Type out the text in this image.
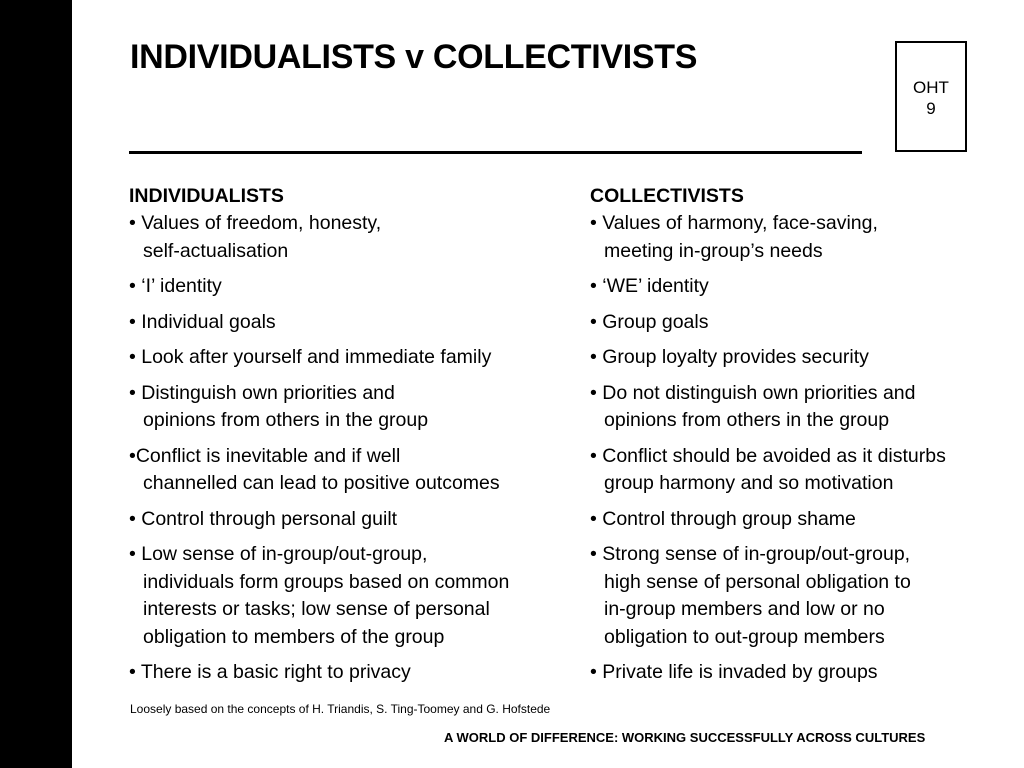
INDIVIDUALISTS v COLLECTIVISTS
OHT
9
INDIVIDUALISTS
• Values of freedom, honesty,
self-actualisation
• ‘I’ identity
• Individual goals
• Look after yourself and immediate family
• Distinguish own priorities and
opinions from others in the group
•Conflict is inevitable and if well
channelled can lead to positive outcomes
• Control through personal guilt
• Low sense of in-group/out-group,
individuals form groups based on common
interests or tasks; low sense of personal
obligation to members of the group
• There is a basic right to privacy
COLLECTIVISTS
• Values of harmony, face-saving,
meeting in-group’s needs
• ‘WE’ identity
• Group goals
• Group loyalty provides security
• Do not distinguish own priorities and
opinions from others in the group
• Conflict should be avoided as it disturbs
group harmony and so motivation
• Control through group shame
• Strong sense of in-group/out-group,
high sense of personal obligation to
in-group members and low or no
obligation to out-group members
• Private life is invaded by groups
Loosely based on the concepts of H. Triandis, S. Ting-Toomey and G. Hofstede
A WORLD OF DIFFERENCE: WORKING SUCCESSFULLY ACROSS CULTURES
